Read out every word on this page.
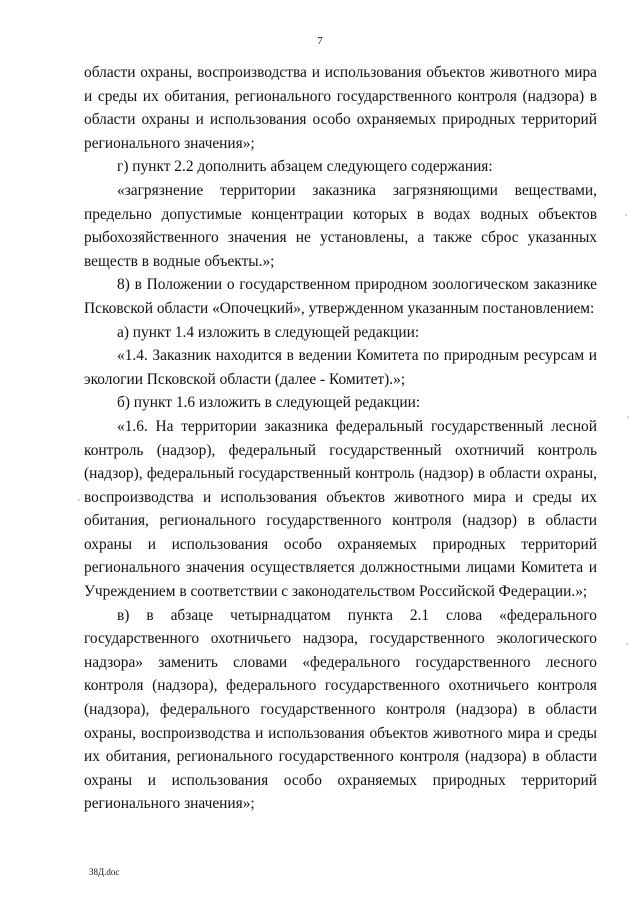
7

области охраны, воспроизводства и использования объектов животного мира и среды их обитания, регионального государственного контроля (надзора) в области охраны и использования особо охраняемых природных территорий регионального значения»;

г) пункт 2.2 дополнить абзацем следующего содержания:

«загрязнение территории заказника загрязняющими веществами, предельно допустимые концентрации которых в водах водных объектов рыбохозяйственного значения не установлены, а также сброс указанных веществ в водные объекты.»;

8) в Положении о государственном природном зоологическом заказнике Псковской области «Опочецкий», утвержденном указанным постановлением:

а) пункт 1.4 изложить в следующей редакции:

«1.4. Заказник находится в ведении Комитета по природным ресурсам и экологии Псковской области (далее - Комитет).»;

б) пункт 1.6 изложить в следующей редакции:

«1.6. На территории заказника федеральный государственный лесной контроль (надзор), федеральный государственный охотничий контроль (надзор), федеральный государственный контроль (надзор) в области охраны, воспроизводства и использования объектов животного мира и среды их обитания, регионального государственного контроля (надзор) в области охраны и использования особо охраняемых природных территорий регионального значения осуществляется должностными лицами Комитета и Учреждением в соответствии с законодательством Российской Федерации.»;

в) в абзаце четырнадцатом пункта 2.1 слова «федерального государственного охотничьего надзора, государственного экологического надзора» заменить словами «федерального государственного лесного контроля (надзора), федерального государственного охотничьего контроля (надзора), федерального государственного контроля (надзора) в области охраны, воспроизводства и использования объектов животного мира и среды их обитания, регионального государственного контроля (надзора) в области охраны и использования особо охраняемых природных территорий регионального значения»;

38Д.doc
